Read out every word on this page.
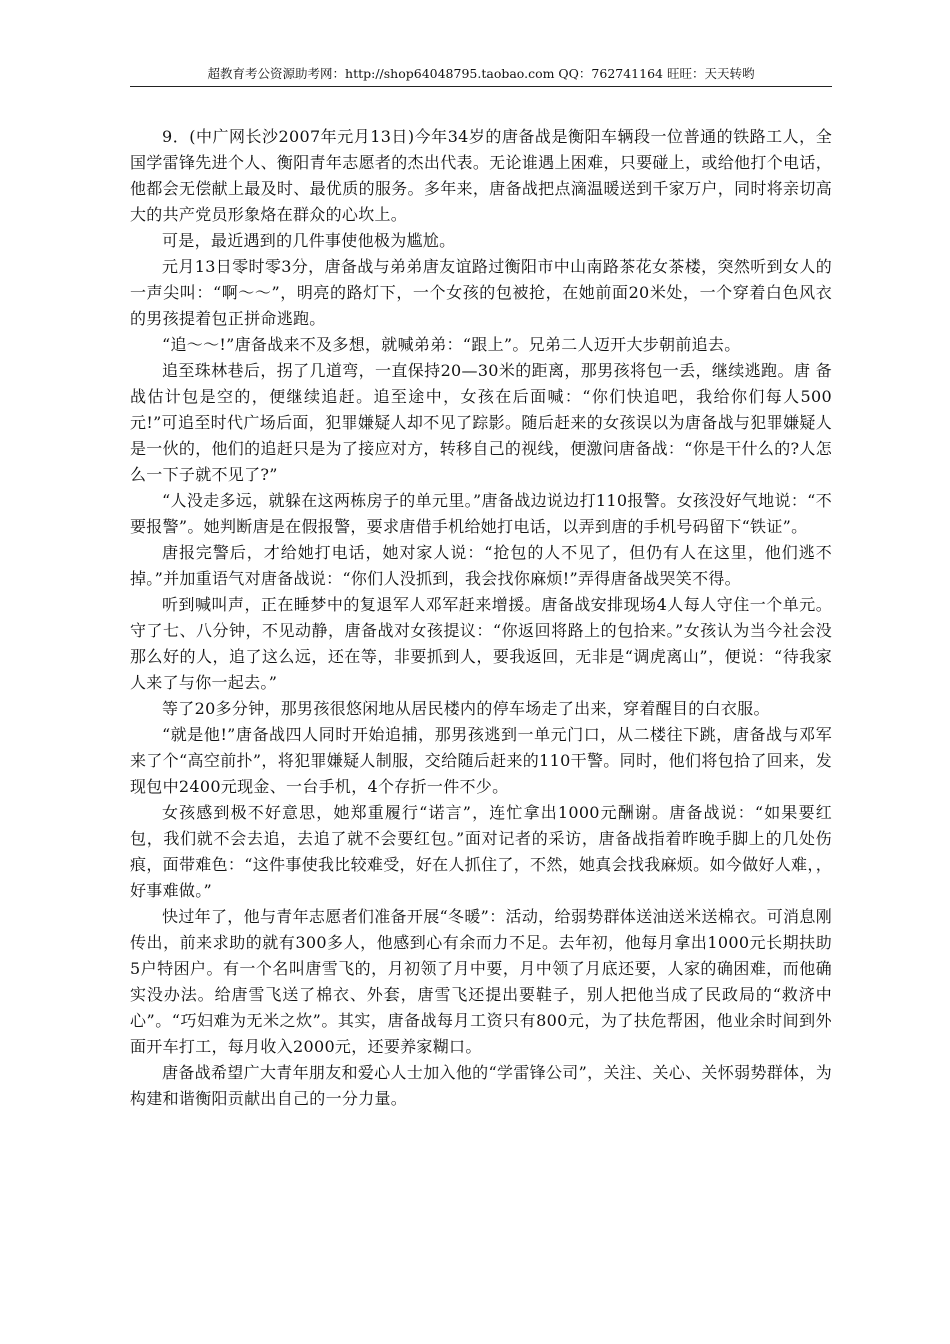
超教育考公资源助考网：http://shop64048795.taobao.com QQ：762741164 旺旺：天天转哟

9．(中广网长沙2007年元月13日)今年34岁的唐备战是衡阳车辆段一位普通的铁路工人，全国学雷锋先进个人、衡阳青年志愿者的杰出代表。无论谁遇上困难，只要碰上，或给他打个电话，他都会无偿献上最及时、最优质的服务。多年来，唐备战把点滴温暖送到千家万户，同时将亲切高大的共产党员形象烙在群众的心坎上。

可是，最近遇到的几件事使他极为尴尬。

元月13日零时零3分，唐备战与弟弟唐友谊路过衡阳市中山南路茶花女茶楼，突然听到女人的一声尖叫：“啊～～”，明亮的路灯下，一个女孩的包被抢，在她前面20米处，一个穿着白色风衣的男孩提着包正拼命逃跑。

“追～～!”唐备战来不及多想，就喊弟弟：“跟上”。兄弟二人迈开大步朝前追去。

追至珠林巷后，拐了几道弯，一直保持20—30米的距离，那男孩将包一丢，继续逃跑。唐 备战估计包是空的，便继续追赶。追至途中，女孩在后面喊：“你们快追吧，我给你们每人500元!”可追至时代广场后面，犯罪嫌疑人却不见了踪影。随后赶来的女孩误以为唐备战与犯罪嫌疑人是一伙的，他们的追赶只是为了接应对方，转移自己的视线，便激问唐备战：“你是干什么的?人怎么一下子就不见了?”

“人没走多远，就躲在这两栋房子的单元里。”唐备战边说边打110报警。女孩没好气地说：“不要报警”。她判断唐是在假报警，要求唐借手机给她打电话，以弄到唐的手机号码留下“铁证”。

唐报完警后，才给她打电话，她对家人说：“抢包的人不见了，但仍有人在这里，他们逃不掉。”并加重语气对唐备战说：“你们人没抓到，我会找你麻烦!”弄得唐备战哭笑不得。

听到喊叫声，正在睡梦中的复退军人邓军赶来增援。唐备战安排现场4人每人守住一个单元。守了七、八分钟，不见动静，唐备战对女孩提议：“你返回将路上的包拾来。”女孩认为当今社会没那么好的人，追了这么远，还在等，非要抓到人，要我返回，无非是“调虎离山”，便说：“待我家人来了与你一起去。”

等了20多分钟，那男孩很悠闲地从居民楼内的停车场走了出来，穿着醒目的白衣服。

“就是他!”唐备战四人同时开始追捕，那男孩逃到一单元门口，从二楼往下跳，唐备战与邓军来了个“高空前扑”，将犯罪嫌疑人制服，交给随后赶来的110干警。同时，他们将包拾了回来，发现包中2400元现金、一台手机，4个存折一件不少。

女孩感到极不好意思，她郑重履行“诺言”，连忙拿出1000元酬谢。唐备战说：“如果要红包，我们就不会去追，去追了就不会要红包。”面对记者的采访，唐备战指着昨晚手脚上的几处伤痕，面带难色：“这件事使我比较难受，好在人抓住了，不然，她真会找我麻烦。如今做好人难，，好事难做。”

快过年了，他与青年志愿者们准备开展“冬暖”：活动，给弱势群体送油送米送棉衣。可消息刚传出，前来求助的就有300多人，他感到心有余而力不足。去年初，他每月拿出1000元长期扶助5户特困户。有一个名叫唐雪飞的，月初领了月中要，月中领了月底还要，人家的确困难，而他确实没办法。给唐雪飞送了棉衣、外套，唐雪飞还提出要鞋子，别人把他当成了民政局的“救济中心”。“巧妇难为无米之炊”。其实，唐备战每月工资只有800元，为了扶危帮困，他业余时间到外面开车打工，每月收入2000元，还要养家糊口。

唐备战希望广大青年朋友和爱心人士加入他的“学雷锋公司”，关注、关心、关怀弱势群体，为构建和谐衡阳贡献出自己的一分力量。
